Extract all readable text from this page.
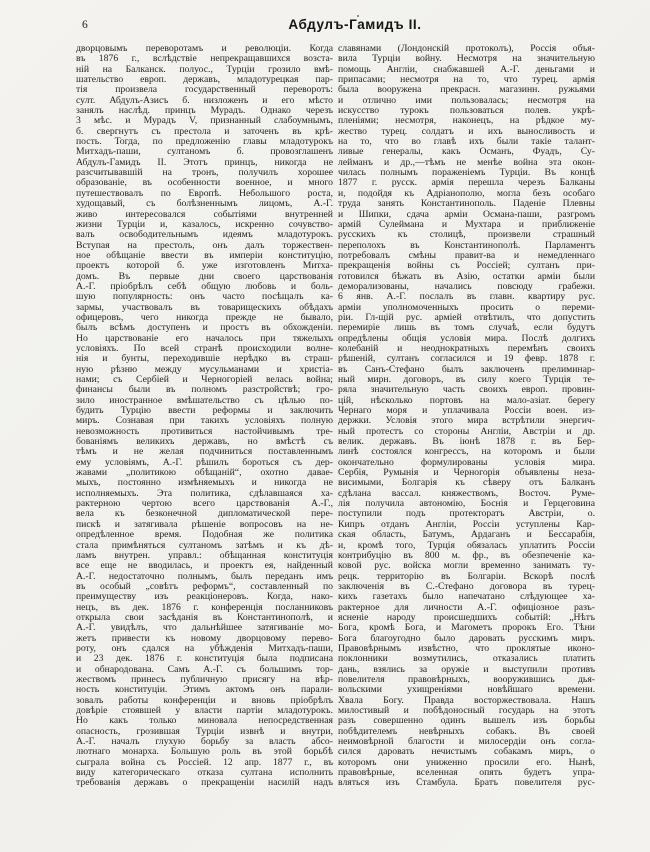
6	Абдулъ-Гамидъ II.
дворцовымъ переворотамъ и революціи. Когда
въ 1876 г., вслѣдствіе непрекращавшихся возста-
ній на Балканск. полуос., Турціи грозило вмѣ-
шательство европ. державъ, младотурецкая пар-
тія произвела государственный переворотъ:
султ. Абдулъ-Азисъ б. низложенъ и его мѣсто
занялъ наслѣд. принцъ Мурадъ. Однако черезъ
3 мѣс. и Мурадъ V, признанный слабоумнымъ,
б. свергнутъ съ престола и заточенъ въ крѣ-
пость. Тогда, по предложенію главы младотурокъ
Митхадъ-паши, султаномъ б. провозглашенъ
Абдулъ-Гамидъ II. Этотъ принцъ, никогда не
разсчитывавшій на тронъ, получилъ хорошее
образованіе, въ особенности военное, и много
путешествовалъ по Европѣ. Небольшого роста,
худощавый, съ болѣзненнымъ лицомъ, А.-Г.
живо интересовался событіями внутренней
жизни Турціи и, казалось, искренно сочувство-
валъ освободительнымъ идеямъ младотурокъ.
Вступая на престолъ, онъ далъ торжествен-
ное обѣщаніе ввести въ имперіи конституцію,
проектъ которой б. уже изготовленъ Митха-
домъ. Въ первые дни своего царствованія
А.-Г. пріобрѣлъ себѣ общую любовь и боль-
шую популярность: онъ часто посѣщалъ ка-
зармы, участвовалъ въ товарищескихъ обѣдахъ
офицеровъ, чего никогда прежде не бывало,
былъ всѣмъ доступенъ и простъ въ обхожденіи.
Но царствованіе его началось при тяжелыхъ
условіяхъ. По всей странѣ происходили волне-
нія и бунты, переходившіе нерѣдко въ страш-
ную рѣзню между мусульманами и христіа-
нами; съ Сербіей и Черногоріей велась война;
финансы были въ полномъ разстройствѣ; гро-
зило иностранное вмѣшательство съ цѣлью по-
будить Турцію ввести реформы и заключить
миръ. Сознавая при такихъ условіяхъ полную
невозможность противиться настойчивымъ тре-
бованіямъ великихъ державъ, но вмѣстѣ съ
тѣмъ и не желая подчиниться поставленнымъ
ему условіямъ, А.-Г. рѣшилъ бороться съ дер-
жавами „политикою обѣщаній“, охотно давае-
мыхъ, постоянно измѣняемыхъ и никогда не
исполняемыхъ. Эта политика, сдѣлавшаяся ха-
рактерною чертою всего царствованія А.-Г.,
вела къ безконечной дипломатической пере-
пискѣ и затягивала рѣшеніе вопросовъ на не-
опредѣленное время. Подобная же политика
стала примѣняться султаномъ затѣмъ и къ дѣ-
ламъ внутрен. управл.: обѣщанная конституція
все еще не вводилась, и проектъ ея, найденный
А.-Г. недостаточно полнымъ, былъ переданъ имъ
въ особый „совѣтъ реформъ“, составленный по
преимуществу изъ реакціонеровъ. Когда, нако-
нецъ, въ дек. 1876 г. конференція посланниковъ
открыла свои засѣданія въ Константинополѣ, и
А.-Г. увидѣлъ, что дальнѣйшее затягиваніе мо-
жетъ привести къ новому дворцовому перево-
роту, онъ сдался на убѣжденія Митхадъ-паши,
и 23 дек. 1876 г. конституція была подписана
и обнародована. Самъ А.-Г. съ большимъ тор-
жествомъ принесъ публичную присягу на вѣр-
ность конституціи. Этимъ актомъ онъ парали-
зовалъ работы конференціи и вновь пріобрѣлъ
довѣріе стоявшей у власти партіи младотурокъ.
Но какъ только миновала непосредственная
опасность, грозившая Турціи извнѣ и внутри,
А.-Г. началъ глухую борьбу за власть абсо-
лютнаго монарха. Большую роль въ этой борьбѣ
сыграла война съ Россіей. 12 апр. 1877 г., въ
виду категорическаго отказа султана исполнить
требованія державъ о прекращеніи насилій надъ
славянами (Лондонскій протоколъ), Россія объя-
вила Турціи войну. Несмотря на значительную
помощь Англіи, снабжавшей А.-Г. деньгами и
припасами; несмотря на то, что турец. армія
была вооружена прекрасн. магазинн. ружьями
и отлично ими пользовалась; несмотря на
искусство турокъ пользоваться полев. укрѣ-
пленіями; несмотря, наконецъ, на рѣдкое му-
жество турец. солдатъ и ихъ выносливость и
на то, что во главѣ ихъ были такіе талант-
ливые генералы, какъ Османъ, Фуадъ, Су-
лейманъ и др.,—тѣмъ не менѣе война эта окон-
чилась полнымъ пораженіемъ Турціи. Въ концѣ
1877 г. русск. армія перешла черезъ Балканы
и, подойдя къ Адріанополю, могла безъ особаго
труда занять Константинополь. Паденіе Плевны
и Шипки, сдача арміи Османа-паши, разгромъ
армій Сулеймана и Мухтара и приближеніе
русскихъ къ столицѣ, произвели страшный
переполохъ въ Константинополѣ. Парламентъ
потребовалъ смѣны правит-ва и немедленнаго
прекращенія войны съ Россіей; султанъ при-
готовился бѣжать въ Азію, остатки арміи были
деморализованы, начались повсюду грабежи.
6 янв. А.-Г. послалъ въ главн. квартиру рус.
арміи уполномоченныхъ просить о переми-
ріи. Гл-щій рус. арміей отвѣтилъ, что допустить
перемиріе лишь въ томъ случаѣ, если будутъ
опредѣлены общія условія мира. Послѣ долгихъ
колебаній и неоднократныхъ перемѣнъ своихъ
рѣшеній, султанъ согласился и 19 февр. 1878 г.
въ Санъ-Стефано былъ заключенъ прелиминар-
ный мирн. договоръ, въ силу коего Турція те-
ряла значительную часть своихъ европ. провин-
цій, нѣсколько портовъ на мало-азіат. берегу
Чернаго моря и уплачивала Россіи воен. из-
держки. Условія этого мира встрѣтили энергич-
ный протестъ со стороны Англіи, Австріи и др.
велик. державъ. Въ іюнѣ 1878 г. въ Бер-
линѣ состоялся конгрессъ, на которомъ и были
окончательно формулированы условія мира.
Сербія, Румынія и Черногорія объявлены неза-
висимыми, Болгарія къ сѣверу отъ Балканъ
сдѣлана вассал. княжествомъ, Восточ. Руме-
лія получила автономію, Боснія и Герцеговина
поступили подъ протекторатъ Австріи, о.
Кипръ отданъ Англіи, Россіи уступлены Кар-
ская область, Батумъ, Ардаганъ и Бессарабія,
и, кромѣ того, Турція обязалась уплатить Россіи
контрибуцію въ 800 м. фр., въ обезпеченіе ка-
ковой рус. войска могли временно занимать ту-
рецк. территорію въ Болгаріи. Вскорѣ послѣ
заключенія въ С.-Стефано договора въ турец-
кихъ газетахъ было напечатано слѣдующее ха-
рактерное для личности А.-Г. офиціозное разъ-
ясненіе народу происшедшихъ событій: „Нѣтъ
Бога, кромѣ Бога, и Магометъ пророкъ Его. Тѣни
Бога благоугодно было даровать русскимъ миръ.
Правовѣрнымъ извѣстно, что проклятые иконо-
поклонники возмутились, отказались платить
дань, взялись за оружіе и выступили противъ
повелителя правовѣрныхъ, вооружившись дья-
вольскими ухищреніями новѣйшаго времени.
Хвала Богу. Правда восторжествовала. Нашъ
милостивый и побѣдоносный государь на этотъ
разъ совершенно одинъ вышелъ изъ борьбы
побѣдителемъ невѣрныхъ собакъ. Въ своей
неимовѣрной благости и милосердіи онъ согла-
сился даровать нечистымъ собакамъ миръ, о
которомъ они униженно просили его. Нынѣ,
правовѣрные, вселенная опять будетъ упра-
вляться изъ Стамбула. Братъ повелителя рус-
